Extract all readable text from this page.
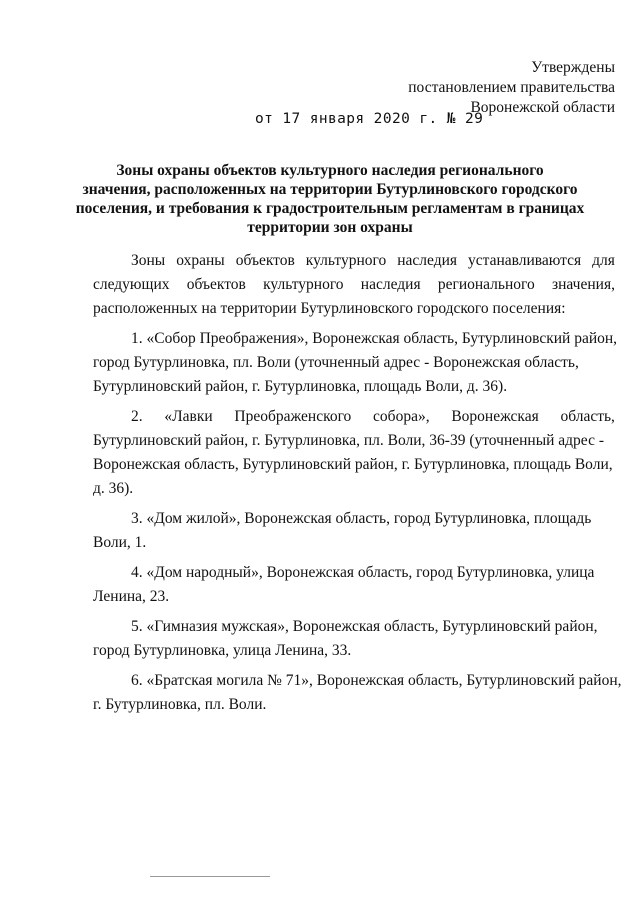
Утверждены
постановлением правительства
Воронежской области
от 17 января 2020 г. № 29
Зоны охраны объектов культурного наследия регионального
значения, расположенных на территории Бутурлиновского городского
поселения, и требования к градостроительным регламентам в границах
территории зон охраны
Зоны охраны объектов культурного наследия устанавливаются для
следующих объектов культурного наследия регионального значения,
расположенных на территории Бутурлиновского городского поселения:
1. «Собор Преображения», Воронежская область, Бутурлиновский район,
город Бутурлиновка, пл. Воли (уточненный адрес - Воронежская область,
Бутурлиновский район, г. Бутурлиновка, площадь Воли, д. 36).
2. «Лавки Преображенского собора», Воронежская область,
Бутурлиновский район, г. Бутурлиновка, пл. Воли, 36-39 (уточненный адрес -
Воронежская область, Бутурлиновский район, г. Бутурлиновка, площадь Воли,
д. 36).
3. «Дом жилой», Воронежская область, город Бутурлиновка, площадь
Воли, 1.
4. «Дом народный», Воронежская область, город Бутурлиновка, улица
Ленина, 23.
5. «Гимназия мужская», Воронежская область, Бутурлиновский район,
город Бутурлиновка, улица Ленина, 33.
6. «Братская могила № 71», Воронежская область, Бутурлиновский район,
г. Бутурлиновка, пл. Воли.
